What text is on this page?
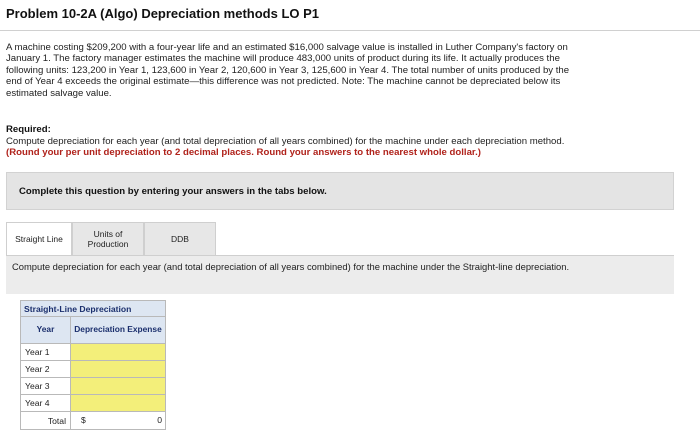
Problem 10-2A (Algo) Depreciation methods LO P1
A machine costing $209,200 with a four-year life and an estimated $16,000 salvage value is installed in Luther Company's factory on
January 1. The factory manager estimates the machine will produce 483,000 units of product during its life. It actually produces the
following units: 123,200 in Year 1, 123,600 in Year 2, 120,600 in Year 3, 125,600 in Year 4. The total number of units produced by the
end of Year 4 exceeds the original estimate—this difference was not predicted. Note: The machine cannot be depreciated below its
estimated salvage value.
Required:
Compute depreciation for each year (and total depreciation of all years combined) for the machine under each depreciation method.
(Round your per unit depreciation to 2 decimal places. Round your answers to the nearest whole dollar.)
Complete this question by entering your answers in the tabs below.
Straight Line	Units of Production	DDB
Compute depreciation for each year (and total depreciation of all years combined) for the machine under the Straight-line depreciation.
Straight-Line Depreciation	
Year	Depreciation Expense
Year 1	
Year 2	
Year 3	
Year 4	
Total	$ 0
